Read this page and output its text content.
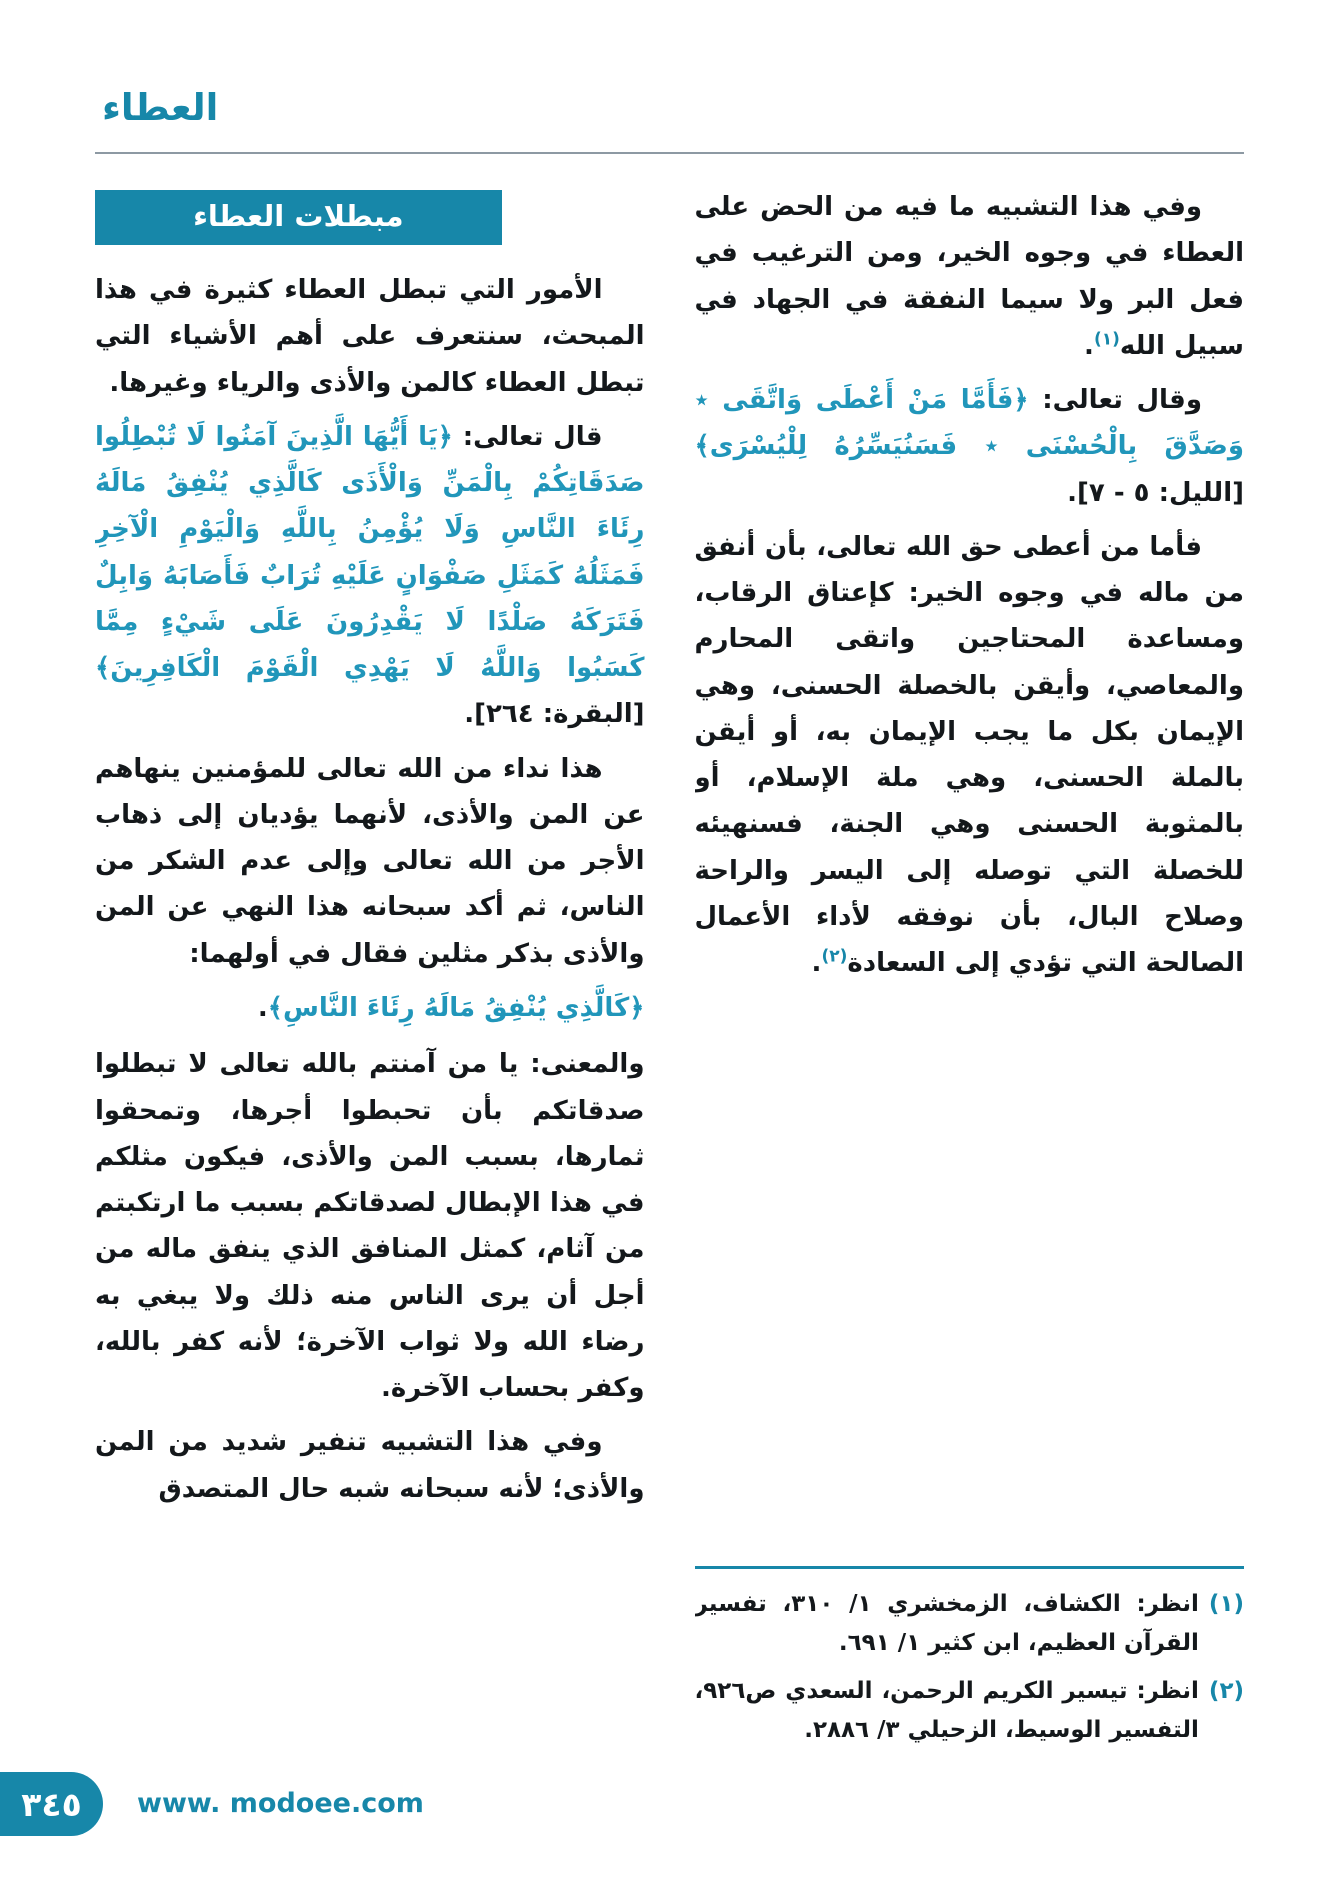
العطاء

وفي هذا التشبيه ما فيه من الحض على العطاء في وجوه الخير، ومن الترغيب في فعل البر ولا سيما النفقة في الجهاد في سبيل الله$^{(١)}$.

وقال تعالى: ﴿فَأَمَّا مَنْ أَعْطَى وَاتَّقَى ٭ وَصَدَّقَ بِالْحُسْنَى ٭ فَسَنُيَسِّرُهُ لِلْيُسْرَى﴾ [الليل: ٥ - ٧].

فأما من أعطى حق الله تعالى، بأن أنفق من ماله في وجوه الخير: كإعتاق الرقاب، ومساعدة المحتاجين واتقى المحارم والمعاصي، وأيقن بالخصلة الحسنى، وهي الإيمان بكل ما يجب الإيمان به، أو أيقن بالملة الحسنى، وهي ملة الإسلام، أو بالمثوبة الحسنى وهي الجنة، فسنهيئه للخصلة التي توصله إلى اليسر والراحة وصلاح البال، بأن نوفقه لأداء الأعمال الصالحة التي تؤدي إلى السعادة$^{(٢)}$.

(١)
انظر: الكشاف، الزمخشري ١/ ٣١٠، تفسير القرآن العظيم، ابن كثير ١/ ٦٩١.
(٢)
انظر: تيسير الكريم الرحمن، السعدي ص٩٢٦، التفسير الوسيط، الزحيلي ٣/ ٢٨٨٦.
مبطلات العطاء

الأمور التي تبطل العطاء كثيرة في هذا المبحث، سنتعرف على أهم الأشياء التي تبطل العطاء كالمن والأذى والرياء وغيرها.

قال تعالى: ﴿يَا أَيُّهَا الَّذِينَ آمَنُوا لَا تُبْطِلُوا صَدَقَاتِكُمْ بِالْمَنِّ وَالْأَذَى كَالَّذِي يُنْفِقُ مَالَهُ رِئَاءَ النَّاسِ وَلَا يُؤْمِنُ بِاللَّهِ وَالْيَوْمِ الْآخِرِ فَمَثَلُهُ كَمَثَلِ صَفْوَانٍ عَلَيْهِ تُرَابٌ فَأَصَابَهُ وَابِلٌ فَتَرَكَهُ صَلْدًا لَا يَقْدِرُونَ عَلَى شَيْءٍ مِمَّا كَسَبُوا وَاللَّهُ لَا يَهْدِي الْقَوْمَ الْكَافِرِينَ﴾ [البقرة: ٢٦٤].

هذا نداء من الله تعالى للمؤمنين ينهاهم عن المن والأذى، لأنهما يؤديان إلى ذهاب الأجر من الله تعالى وإلى عدم الشكر من الناس، ثم أكد سبحانه هذا النهي عن المن والأذى بذكر مثلين فقال في أولهما:

﴿كَالَّذِي يُنْفِقُ مَالَهُ رِئَاءَ النَّاسِ﴾.

والمعنى: يا من آمنتم بالله تعالى لا تبطلوا صدقاتكم بأن تحبطوا أجرها، وتمحقوا ثمارها، بسبب المن والأذى، فيكون مثلكم في هذا الإبطال لصدقاتكم بسبب ما ارتكبتم من آثام، كمثل المنافق الذي ينفق ماله من أجل أن يرى الناس منه ذلك ولا يبغي به رضاء الله ولا ثواب الآخرة؛ لأنه كفر بالله، وكفر بحساب الآخرة.

وفي هذا التشبيه تنفير شديد من المن والأذى؛ لأنه سبحانه شبه حال المتصدق

٣٤٥ www. modoee.com
